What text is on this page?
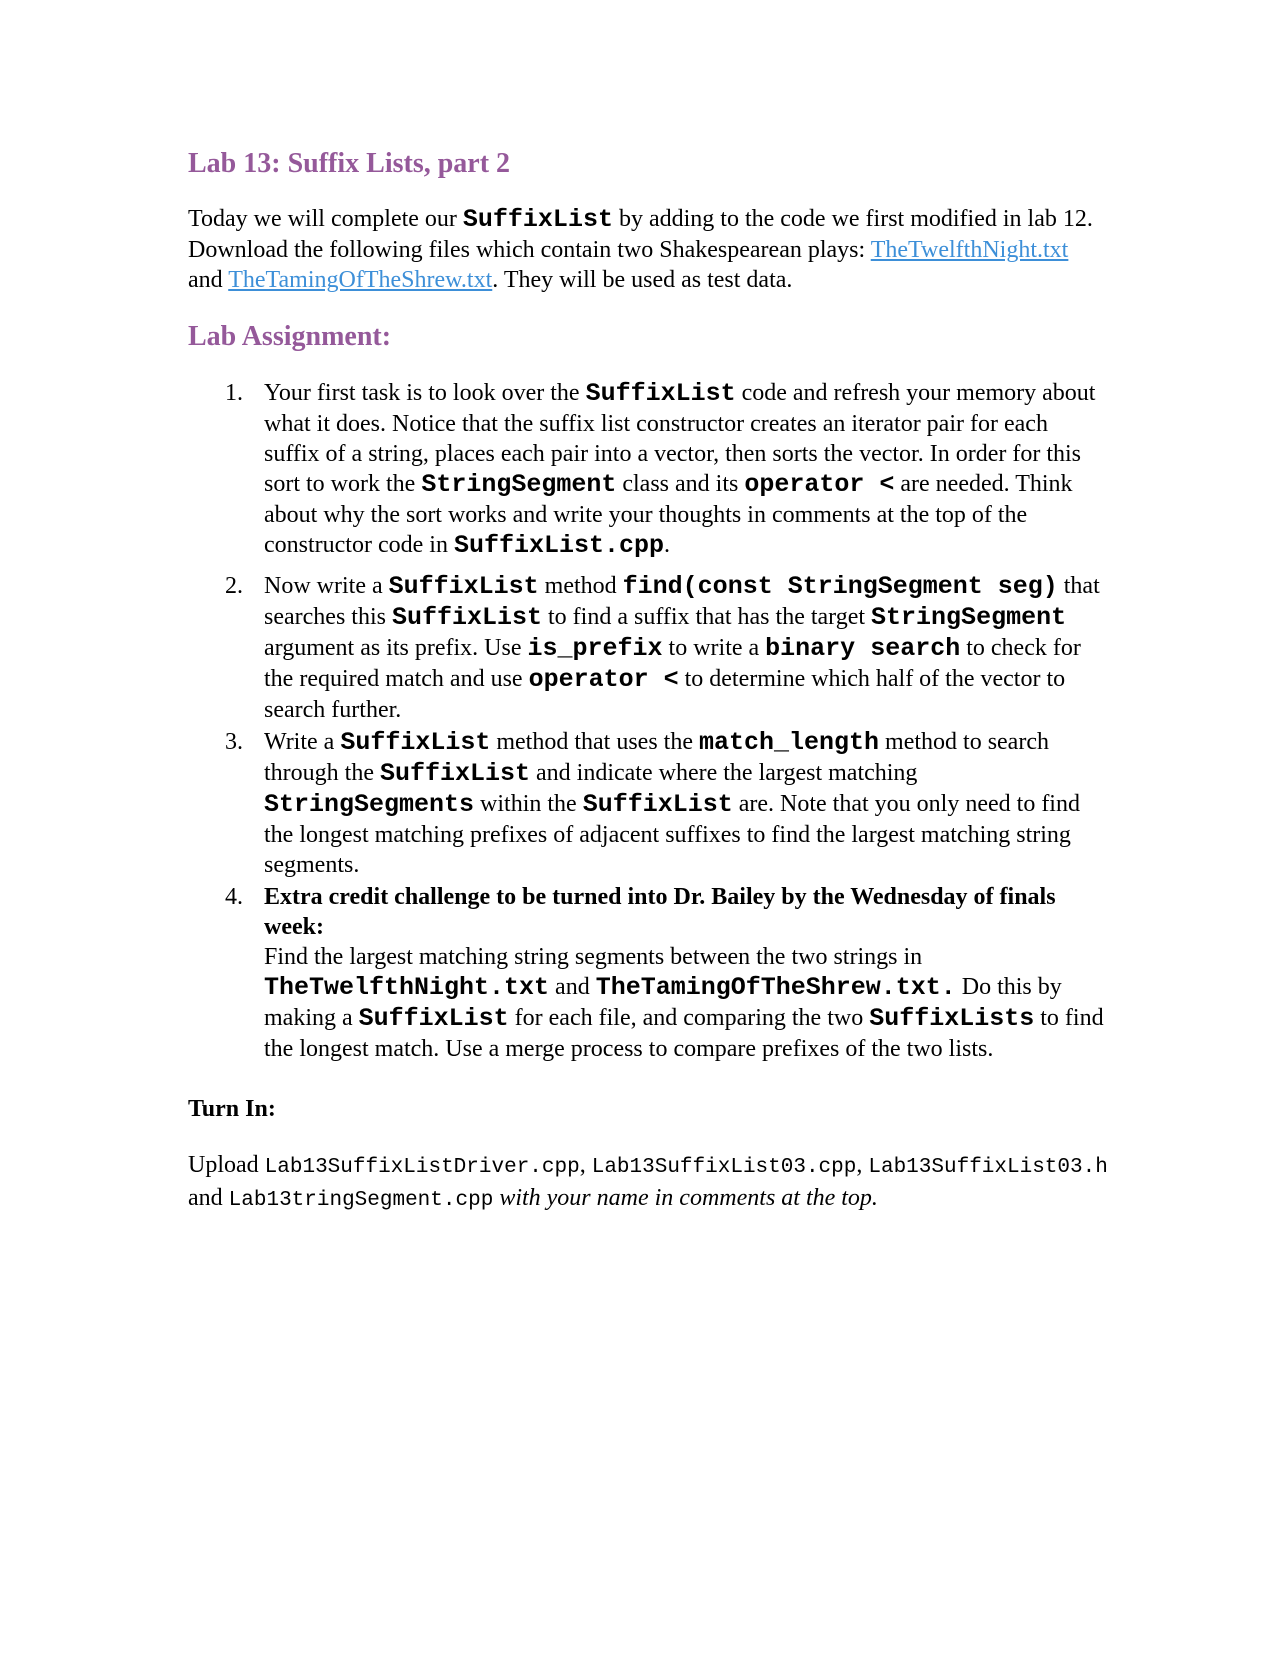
Lab 13: Suffix Lists, part 2

Today we will complete our SuffixList by adding to the code we first modified in lab 12. Download the following files which contain two Shakespearean plays: TheTwelfthNight.txt and TheTamingOfTheShrew.txt. They will be used as test data.

Lab Assignment:
1. Your first task is to look over the SuffixList code and refresh your memory about what it does. Notice that the suffix list constructor creates an iterator pair for each suffix of a string, places each pair into a vector, then sorts the vector. In order for this sort to work the StringSegment class and its operator < are needed. Think about why the sort works and write your thoughts in comments at the top of the constructor code in SuffixList.cpp.
2. Now write a SuffixList method find(const StringSegment seg) that searches this SuffixList to find a suffix that has the target StringSegment argument as its prefix. Use is_prefix to write a binary search to check for the required match and use operator < to determine which half of the vector to search further.
3. Write a SuffixList method that uses the match_length method to search through the SuffixList and indicate where the largest matching StringSegments within the SuffixList are. Note that you only need to find the longest matching prefixes of adjacent suffixes to find the largest matching string segments.
4. Extra credit challenge to be turned into Dr. Bailey by the Wednesday of finals week:
Find the largest matching string segments between the two strings in TheTwelfthNight.txt and TheTamingOfTheShrew.txt. Do this by making a SuffixList for each file, and comparing the two SuffixLists to find the longest match. Use a merge process to compare prefixes of the two lists.

Turn In:

Upload Lab13SuffixListDriver.cpp, Lab13SuffixList03.cpp, Lab13SuffixList03.h and Lab13tringSegment.cpp with your name in comments at the top.
